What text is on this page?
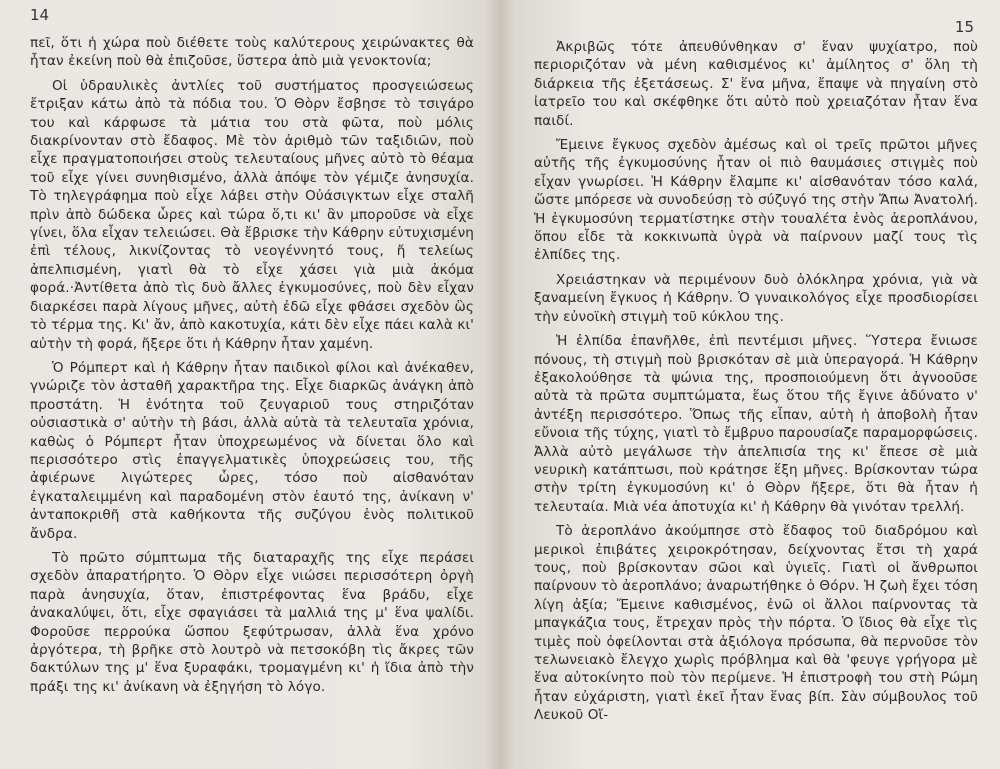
14

πεῖ, ὅτι ἡ χώρα ποὺ διέθετε τοὺς καλύτερους χειρώνακτες θὰ ἦταν ἐκείνη ποὺ θὰ ἐπιζοῦσε, ὕστερα ἀπὸ μιὰ γενοκτονία;

Οἱ ὑδραυλικὲς ἀντλίες τοῦ συστήματος προσγειώσεως ἔτριξαν κάτω ἀπὸ τὰ πόδια του. Ὁ Θὸρν ἔσβησε τὸ τσιγάρο του καὶ κάρφωσε τὰ μάτια του στὰ φῶτα, ποὺ μόλις διακρίνονταν στὸ ἔδαφος. Μὲ τὸν ἀριθμὸ τῶν ταξιδιῶν, ποὺ εἶχε πραγματοποιήσει στοὺς τελευταίους μῆνες αὐτὸ τὸ θέαμα τοῦ εἶχε γίνει συνηθισμένο, ἀλλὰ ἀπόψε τὸν γέμιζε ἀνησυχία. Τὸ τηλεγράφημα ποὺ εἶχε λάβει στὴν Οὐάσιγκτων εἶχε σταλῆ πρὶν ἀπὸ δώδεκα ὧρες καὶ τώρα ὅ,τι κι' ἂν μποροῦσε νὰ εἶχε γίνει, ὅλα εἶχαν τελειώσει. Θὰ ἔβρισκε τὴν Κάθρην εὐτυχισμένη ἐπὶ τέλους, λικνίζοντας τὸ νεογέννητό τους, ἤ τελείως ἀπελπισμένη, γιατὶ θὰ τὸ εἶχε χάσει γιὰ μιὰ ἀκόμα φορά.·Ἀντίθετα ἀπὸ τὶς δυὸ ἄλλες ἐγκυμοσύνες, ποὺ δὲν εἶχαν διαρκέσει παρὰ λίγους μῆνες, αὐτὴ ἐδῶ εἶχε φθάσει σχεδὸν ὣς τὸ τέρμα της. Κι' ἄν, ἀπὸ κακοτυχία, κάτι δὲν εἶχε πάει καλὰ κι' αὐτὴν τὴ φορά, ἤξερε ὅτι ἡ Κάθρην ἦταν χαμένη.

Ὁ Ρόμπερτ καὶ ἡ Κάθρην ἦταν παιδικοὶ φίλοι καὶ ἀνέκαθεν, γνώριζε τὸν ἀσταθῆ χαρακτῆρα της. Εἶχε διαρκῶς ἀνάγκη ἀπὸ προστάτη. Ἡ ἑνότητα τοῦ ζευγαριοῦ τους στηριζόταν οὐσιαστικὰ σ' αὐτὴν τὴ βάσι, ἀλλὰ αὐτὰ τὰ τελευταῖα χρόνια, καθὼς ὁ Ρόμπερτ ἦταν ὑποχρεωμένος νὰ δίνεται ὅλο καὶ περισσότερο στὶς ἐπαγγελματικὲς ὑποχρεώσεις του, τῆς ἀφιέρωνε λιγώτερες ὧρες, τόσο ποὺ αἰσθανόταν ἐγκαταλειμμένη καὶ παραδομένη στὸν ἑαυτό της, ἀνίκανη ν' ἀνταποκριθῆ στὰ καθήκοντα τῆς συζύγου ἑνὸς πολιτικοῦ ἄνδρα.

Τὸ πρῶτο σύμπτωμα τῆς διαταραχῆς της εἶχε περάσει σχεδὸν ἀπαρατήρητο. Ὁ Θὸρν εἶχε νιώσει περισσότερη ὀργὴ παρὰ ἀνησυχία, ὅταν, ἐπιστρέφοντας ἕνα βράδυ, εἶχε ἀνακαλύψει, ὅτι, εἶχε σφαγιάσει τὰ μαλλιά της μ' ἕνα ψαλίδι. Φοροῦσε περρούκα ὥσπου ξεφύτρωσαν, ἀλλὰ ἕνα χρόνο ἀργότερα, τὴ βρῆκε στὸ λουτρὸ νὰ πετσοκόβη τὶς ἄκρες τῶν δακτύλων της μ' ἕνα ξυραφάκι, τρομαγμένη κι' ἡ ἴδια ἀπὸ τὴν πράξι της κι' ἀνίκανη νὰ ἐξηγήση τὸ λόγο.

15

Ἀκριβῶς τότε ἀπευθύνθηκαν σ' ἕναν ψυχίατρο, ποὺ περιοριζόταν νὰ μένη καθισμένος κι' ἀμίλητος σ' ὅλη τὴ διάρκεια τῆς ἐξετάσεως. Σ' ἕνα μῆνα, ἔπαψε νὰ πηγαίνη στὸ ἰατρεῖο του καὶ σκέφθηκε ὅτι αὐτὸ ποὺ χρειαζόταν ἦταν ἕνα παιδί.

Ἔμεινε ἔγκυος σχεδὸν ἀμέσως καὶ οἱ τρεῖς πρῶτοι μῆνες αὐτῆς τῆς ἐγκυμοσύνης ἦταν οἱ πιὸ θαυμάσιες στιγμὲς ποὺ εἶχαν γνωρίσει. Ἡ Κάθρην ἔλαμπε κι' αἰσθανόταν τόσο καλά, ὥστε μπόρεσε νὰ συνοδεύσῃ τὸ σύζυγό της στὴν Ἄπω Ἀνατολή. Ἡ ἐγκυμοσύνη τερματίστηκε στὴν τουαλέτα ἑνὸς ἀεροπλάνου, ὅπου εἶδε τὰ κοκκινωπὰ ὑγρὰ νὰ παίρνουν μαζί τους τὶς ἐλπίδες της.

Χρειάστηκαν νὰ περιμένουν δυὸ ὁλόκληρα χρόνια, γιὰ νὰ ξαναμείνη ἔγκυος ἡ Κάθρην. Ὁ γυναικολόγος εἶχε προσδιορίσει τὴν εὐνοϊκὴ στιγμὴ τοῦ κύκλου της.

Ἡ ἐλπίδα ἐπανῆλθε, ἐπὶ πεντέμισι μῆνες. Ὕστερα ἔνιωσε πόνους, τὴ στιγμὴ ποὺ βρισκόταν σὲ μιὰ ὑπεραγορά. Ἡ Κάθρην ἐξακολούθησε τὰ ψώνια της, προσποιούμενη ὅτι ἀγνοοῦσε αὐτὰ τὰ πρῶτα συμπτώματα, ἕως ὅτου τῆς ἔγινε ἀδύνατο ν' ἀντέξη περισσότερο. Ὅπως τῆς εἶπαν, αὐτὴ ἡ ἀποβολὴ ἦταν εὔνοια τῆς τύχης, γιατὶ τὸ ἔμβρυο παρουσίαζε παραμορφώσεις. Ἀλλὰ αὐτὸ μεγάλωσε τὴν ἀπελπισία της κι' ἔπεσε σὲ μιὰ νευρικὴ κατάπτωσι, ποὺ κράτησε ἕξη μῆνες. Βρίσκονταν τώρα στὴν τρίτη ἐγκυμοσύνη κι' ὁ Θὸρν ἤξερε, ὅτι θὰ ἦταν ἡ τελευταία. Μιὰ νέα ἀποτυχία κι' ἡ Κάθρην θὰ γινόταν τρελλή.

Τὸ ἀεροπλάνο ἀκούμπησε στὸ ἔδαφος τοῦ διαδρόμου καὶ μερικοὶ ἐπιβάτες χειροκρότησαν, δείχνοντας ἔτσι τὴ χαρά τους, ποὺ βρίσκονταν σῶοι καὶ ὑγιεῖς. Γιατὶ οἱ ἄνθρωποι παίρνουν τὸ ἀεροπλάνο; ἀναρωτήθηκε ὁ Θόρν. Ἡ ζωὴ ἔχει τόση λίγη ἀξία; Ἔμεινε καθισμένος, ἐνῶ οἱ ἄλλοι παίρνοντας τὰ μπαγκάζια τους, ἔτρεχαν πρὸς τὴν πόρτα. Ὁ ἴδιος θὰ εἶχε τὶς τιμὲς ποὺ ὀφείλονται στὰ ἀξιόλογα πρόσωπα, θὰ περνοῦσε τὸν τελωνειακὸ ἔλεγχο χωρὶς πρόβλημα καὶ θὰ 'φευγε γρήγορα μὲ ἕνα αὐτοκίνητο ποὺ τὸν περίμενε. Ἡ ἐπιστροφὴ του στὴ Ρώμη ἦταν εὐχάριστη, γιατὶ ἐκεῖ ἦταν ἕνας βίπ. Σὰν σύμβουλος τοῦ Λευκοῦ Οἴ-
